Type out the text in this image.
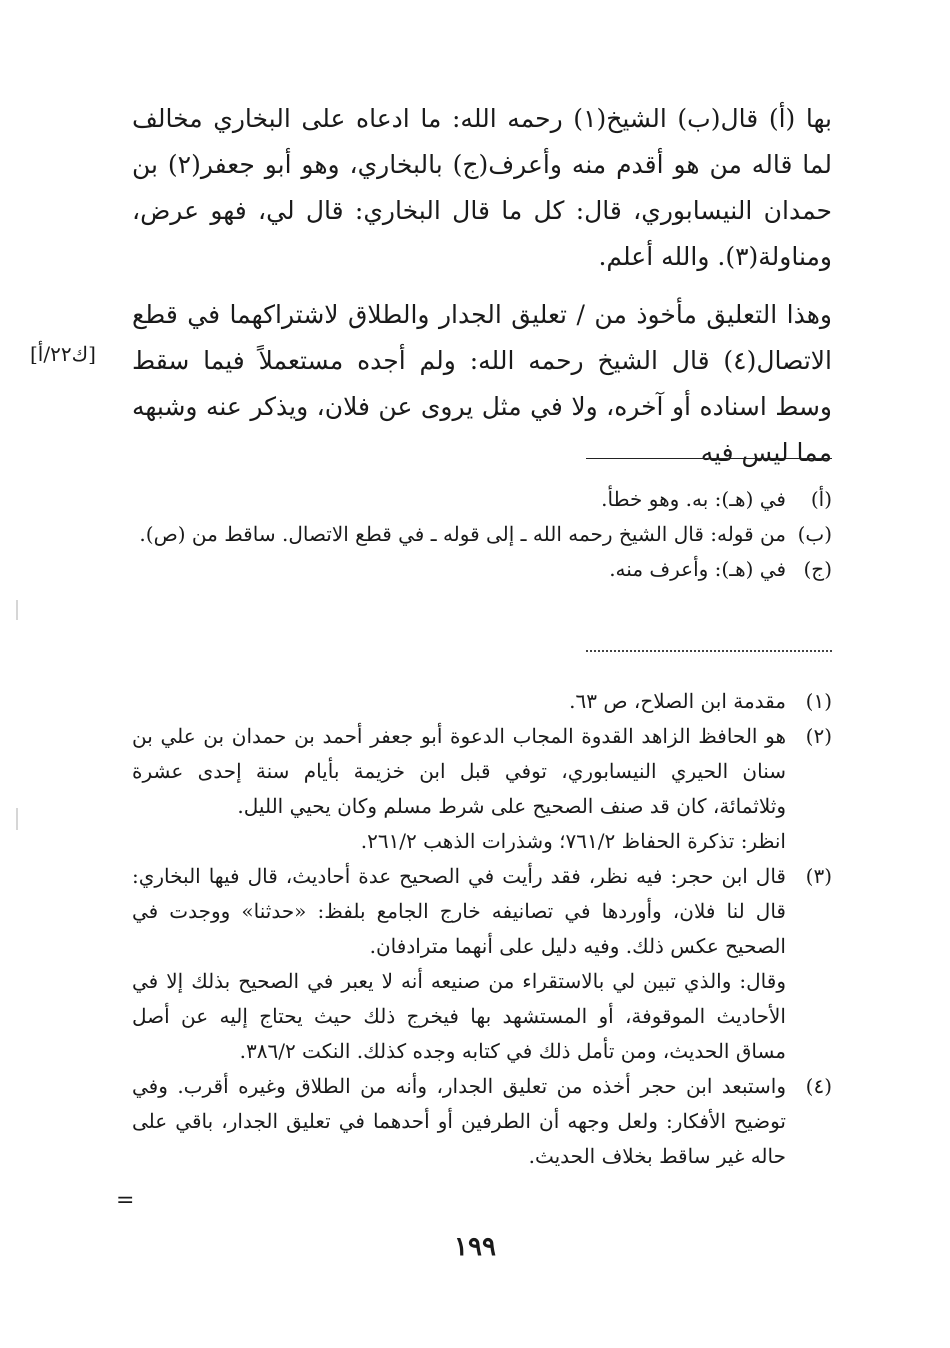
بها (أ) قال(ب) الشيخ(١) رحمه الله: ما ادعاه على البخاري مخالف لما قاله من هو أقدم منه وأعرف(ج) بالبخاري، وهو أبو جعفر(٢) بن حمدان النيسابوري، قال: كل ما قال البخاري: قال لي، فهو عرض، ومناولة(٣). والله أعلم.
وهذا التعليق مأخوذ من / تعليق الجدار والطلاق لاشتراكهما في قطع الاتصال(٤) قال الشيخ رحمه الله: ولم أجده مستعملاً فيما سقط وسط اسناده أو آخره، ولا في مثل يروى عن فلان، ويذكر عنه وشبهه مما ليس فيه
[ك٢٢/أ]
(أ)
في (هـ): به. وهو خطأ.
(ب)
من قوله: قال الشيخ رحمه الله ـ إلى قوله ـ في قطع الاتصال. ساقط من (ص).
(ج)
في (هـ): وأعرف منه.
(١)

مقدمة ابن الصلاح، ص ٦٣.

(٢)

هو الحافظ الزاهد القدوة المجاب الدعوة أبو جعفر أحمد بن حمدان بن علي بن سنان الحيري النيسابوري، توفي قبل ابن خزيمة بأيام سنة إحدى عشرة وثلاثمائة، كان قد صنف الصحيح على شرط مسلم وكان يحيي الليل.

انظر: تذكرة الحفاظ ٧٦١/٢؛ وشذرات الذهب ٢٦١/٢.

(٣)

قال ابن حجر: فيه نظر، فقد رأيت في الصحيح عدة أحاديث، قال فيها البخاري: قال لنا فلان، وأوردها في تصانيفه خارج الجامع بلفظ: «حدثنا» ووجدت في الصحيح عكس ذلك. وفيه دليل على أنهما مترادفان.

وقال: والذي تبين لي بالاستقراء من صنيعه أنه لا يعبر في الصحيح بذلك إلا في الأحاديث الموقوفة، أو المستشهد بها فيخرج ذلك حيث يحتاج إليه عن أصل مساق الحديث، ومن تأمل ذلك في كتابه وجده كذلك. النكت ٣٨٦/٢.

(٤)

واستبعد ابن حجر أخذه من تعليق الجدار، وأنه من الطلاق وغيره أقرب. وفي توضيح الأفكار: ولعل وجهه أن الطرفين أو أحدهما في تعليق الجدار، باقي على حاله غير ساقط بخلاف الحديث.

=
١٩٩
